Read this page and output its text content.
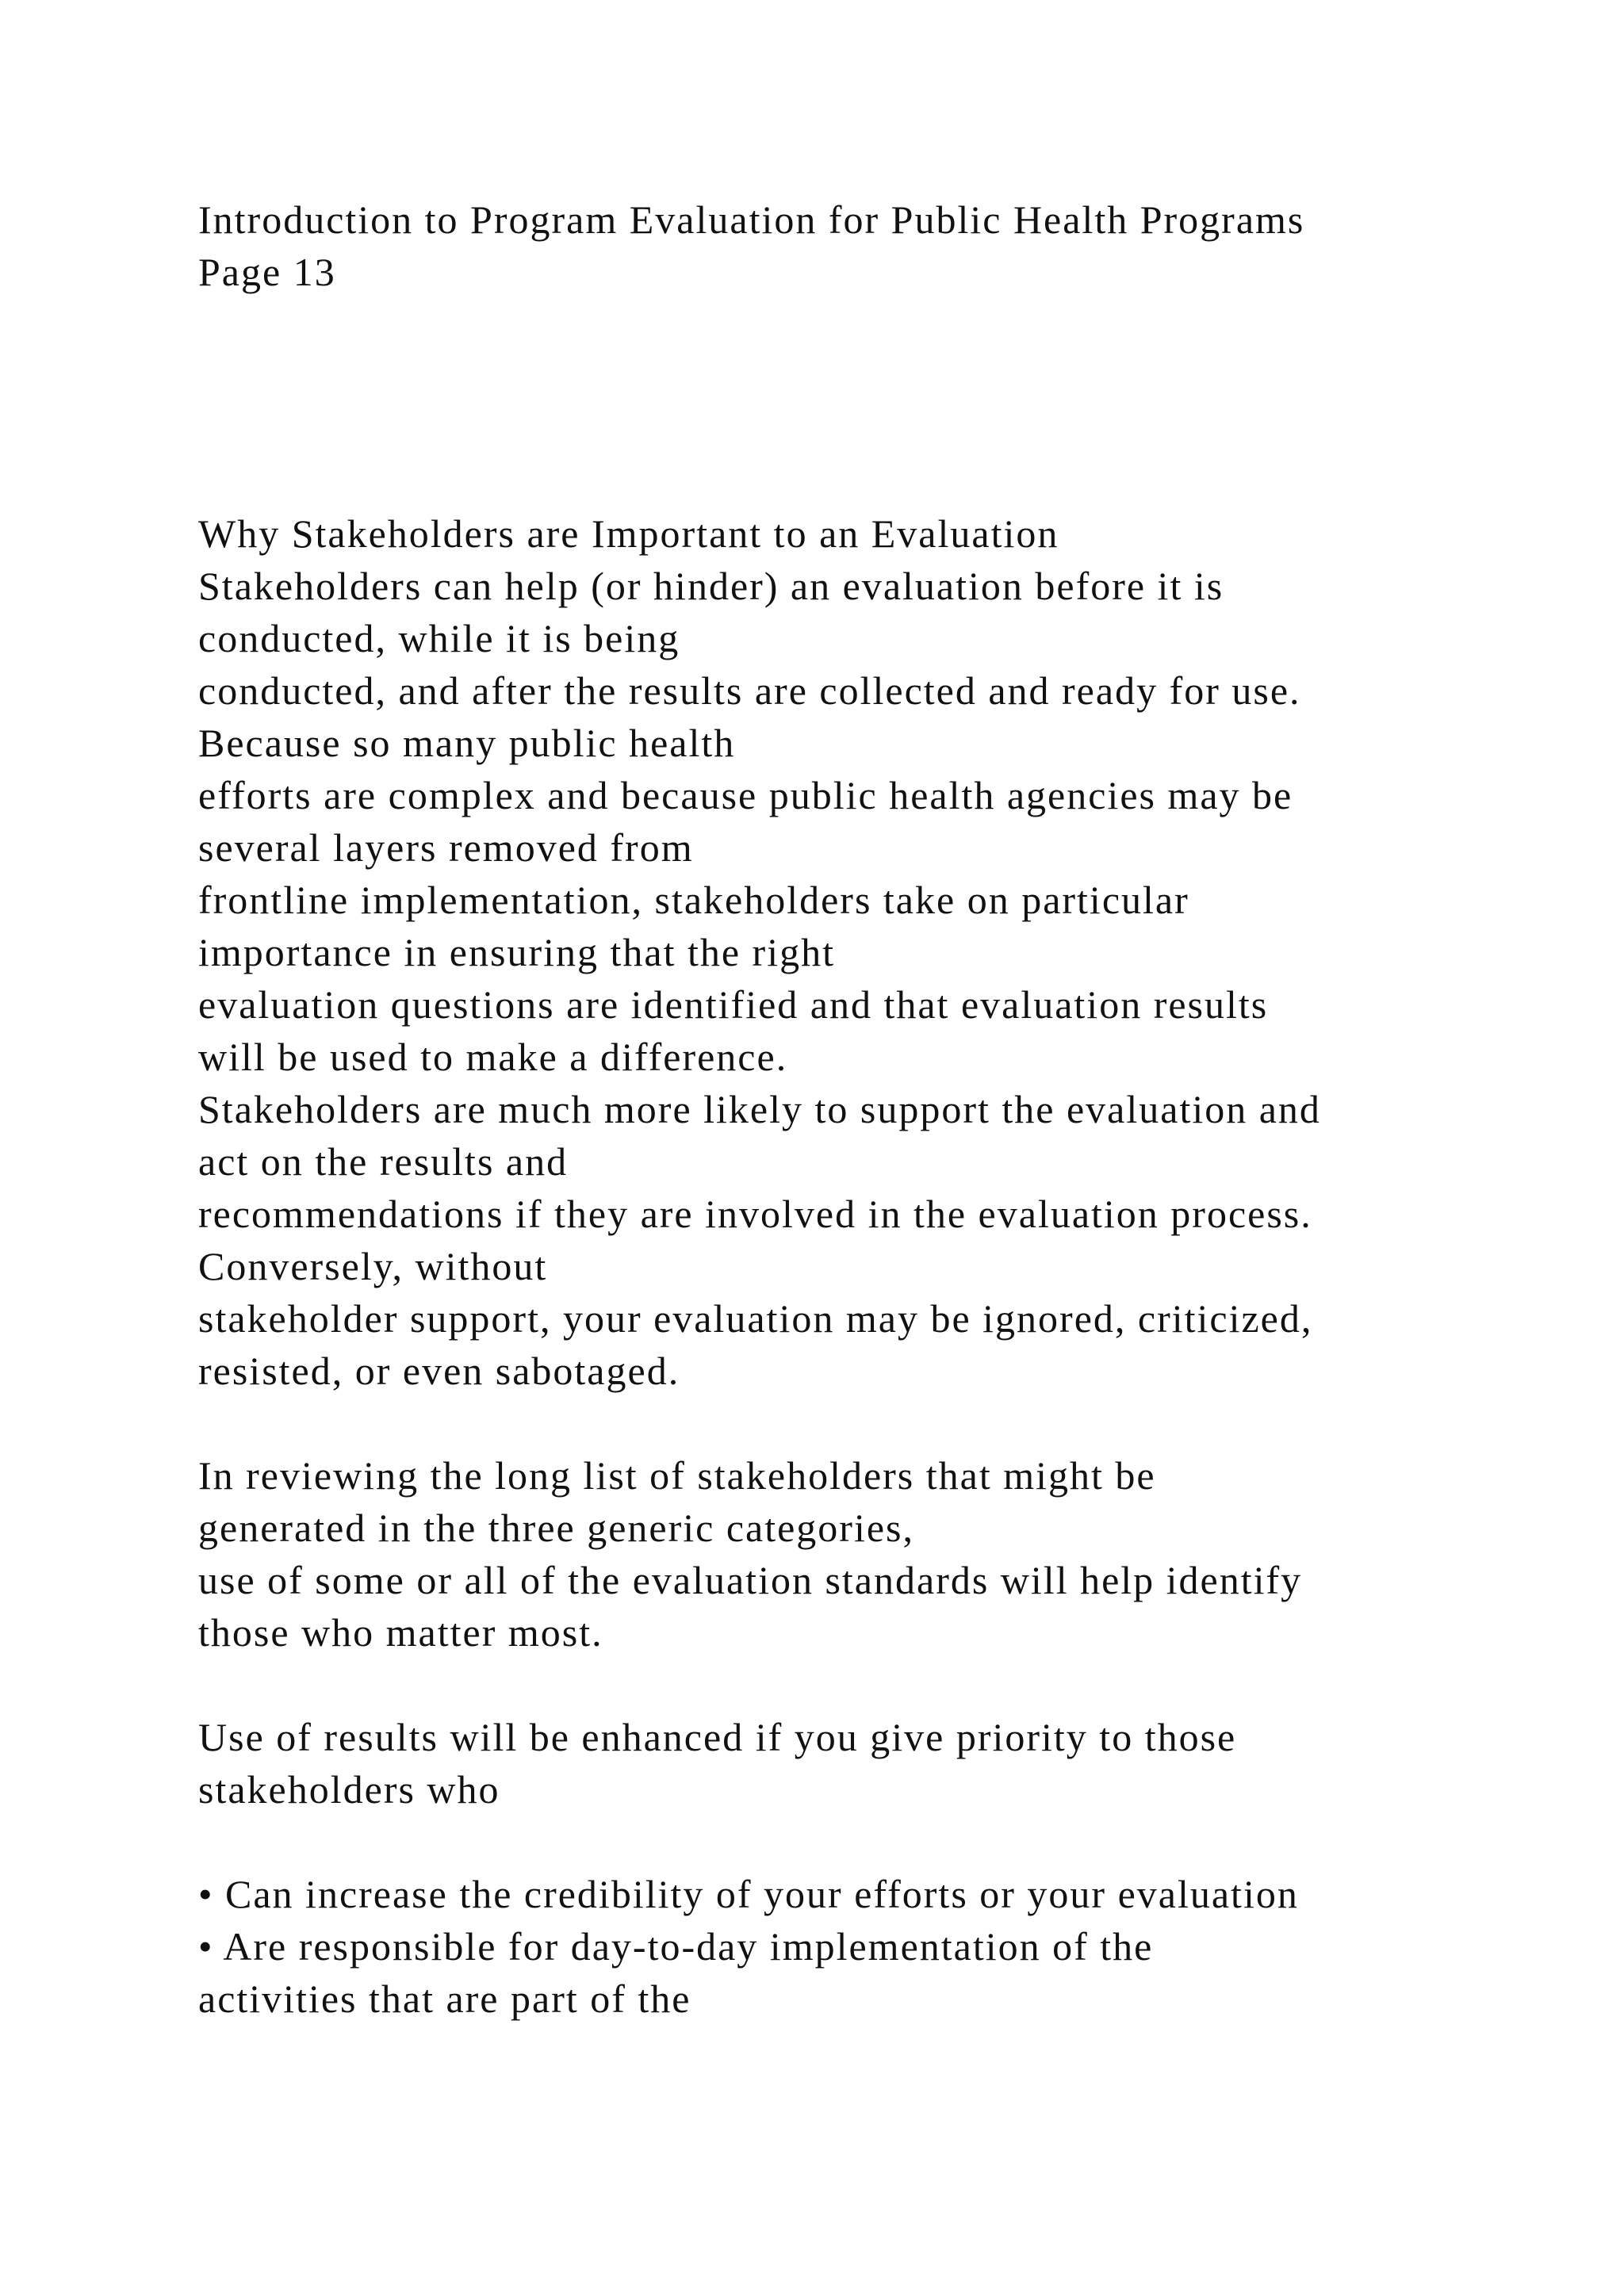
Introduction to Program Evaluation for Public Health Programs
Page 13
Why Stakeholders are Important to an Evaluation
Stakeholders can help (or hinder) an evaluation before it is
conducted, while it is being
conducted, and after the results are collected and ready for use.
Because so many public health
efforts are complex and because public health agencies may be
several layers removed from
frontline implementation, stakeholders take on particular
importance in ensuring that the right
evaluation questions are identified and that evaluation results
will be used to make a difference.
Stakeholders are much more likely to support the evaluation and
act on the results and
recommendations if they are involved in the evaluation process.
Conversely, without
stakeholder support, your evaluation may be ignored, criticized,
resisted, or even sabotaged.
In reviewing the long list of stakeholders that might be
generated in the three generic categories,
use of some or all of the evaluation standards will help identify
those who matter most.
Use of results will be enhanced if you give priority to those
stakeholders who
• Can increase the credibility of your efforts or your evaluation
• Are responsible for day-to-day implementation of the
activities that are part of the
